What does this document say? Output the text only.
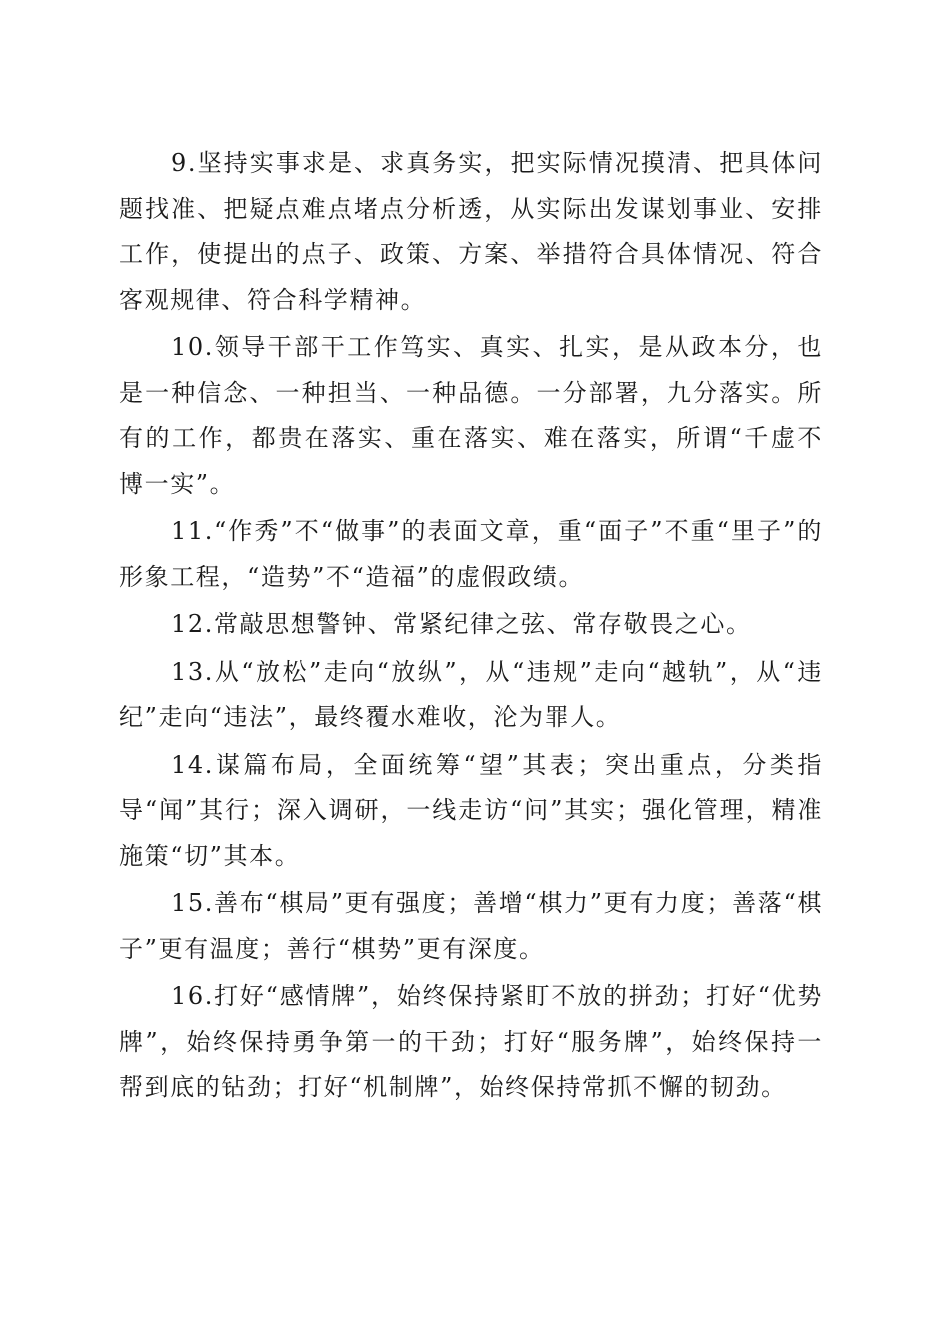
9.坚持实事求是、求真务实，把实际情况摸清、把具体问题找准、把疑点难点堵点分析透，从实际出发谋划事业、安排工作，使提出的点子、政策、方案、举措符合具体情况、符合客观规律、符合科学精神。

10.领导干部干工作笃实、真实、扎实，是从政本分，也是一种信念、一种担当、一种品德。一分部署，九分落实。所有的工作，都贵在落实、重在落实、难在落实，所谓“千虚不博一实”。

11.“作秀”不“做事”的表面文章，重“面子”不重“里子”的形象工程，“造势”不“造福”的虚假政绩。

12.常敲思想警钟、常紧纪律之弦、常存敬畏之心。

13.从“放松”走向“放纵”，从“违规”走向“越轨”，从“违纪”走向“违法”，最终覆水难收，沦为罪人。

14.谋篇布局，全面统筹“望”其表；突出重点，分类指导“闻”其行；深入调研，一线走访“问”其实；强化管理，精准施策“切”其本。

15.善布“棋局”更有强度；善增“棋力”更有力度；善落“棋子”更有温度；善行“棋势”更有深度。

16.打好“感情牌”，始终保持紧盯不放的拼劲；打好“优势牌”，始终保持勇争第一的干劲；打好“服务牌”，始终保持一帮到底的钻劲；打好“机制牌”，始终保持常抓不懈的韧劲。
